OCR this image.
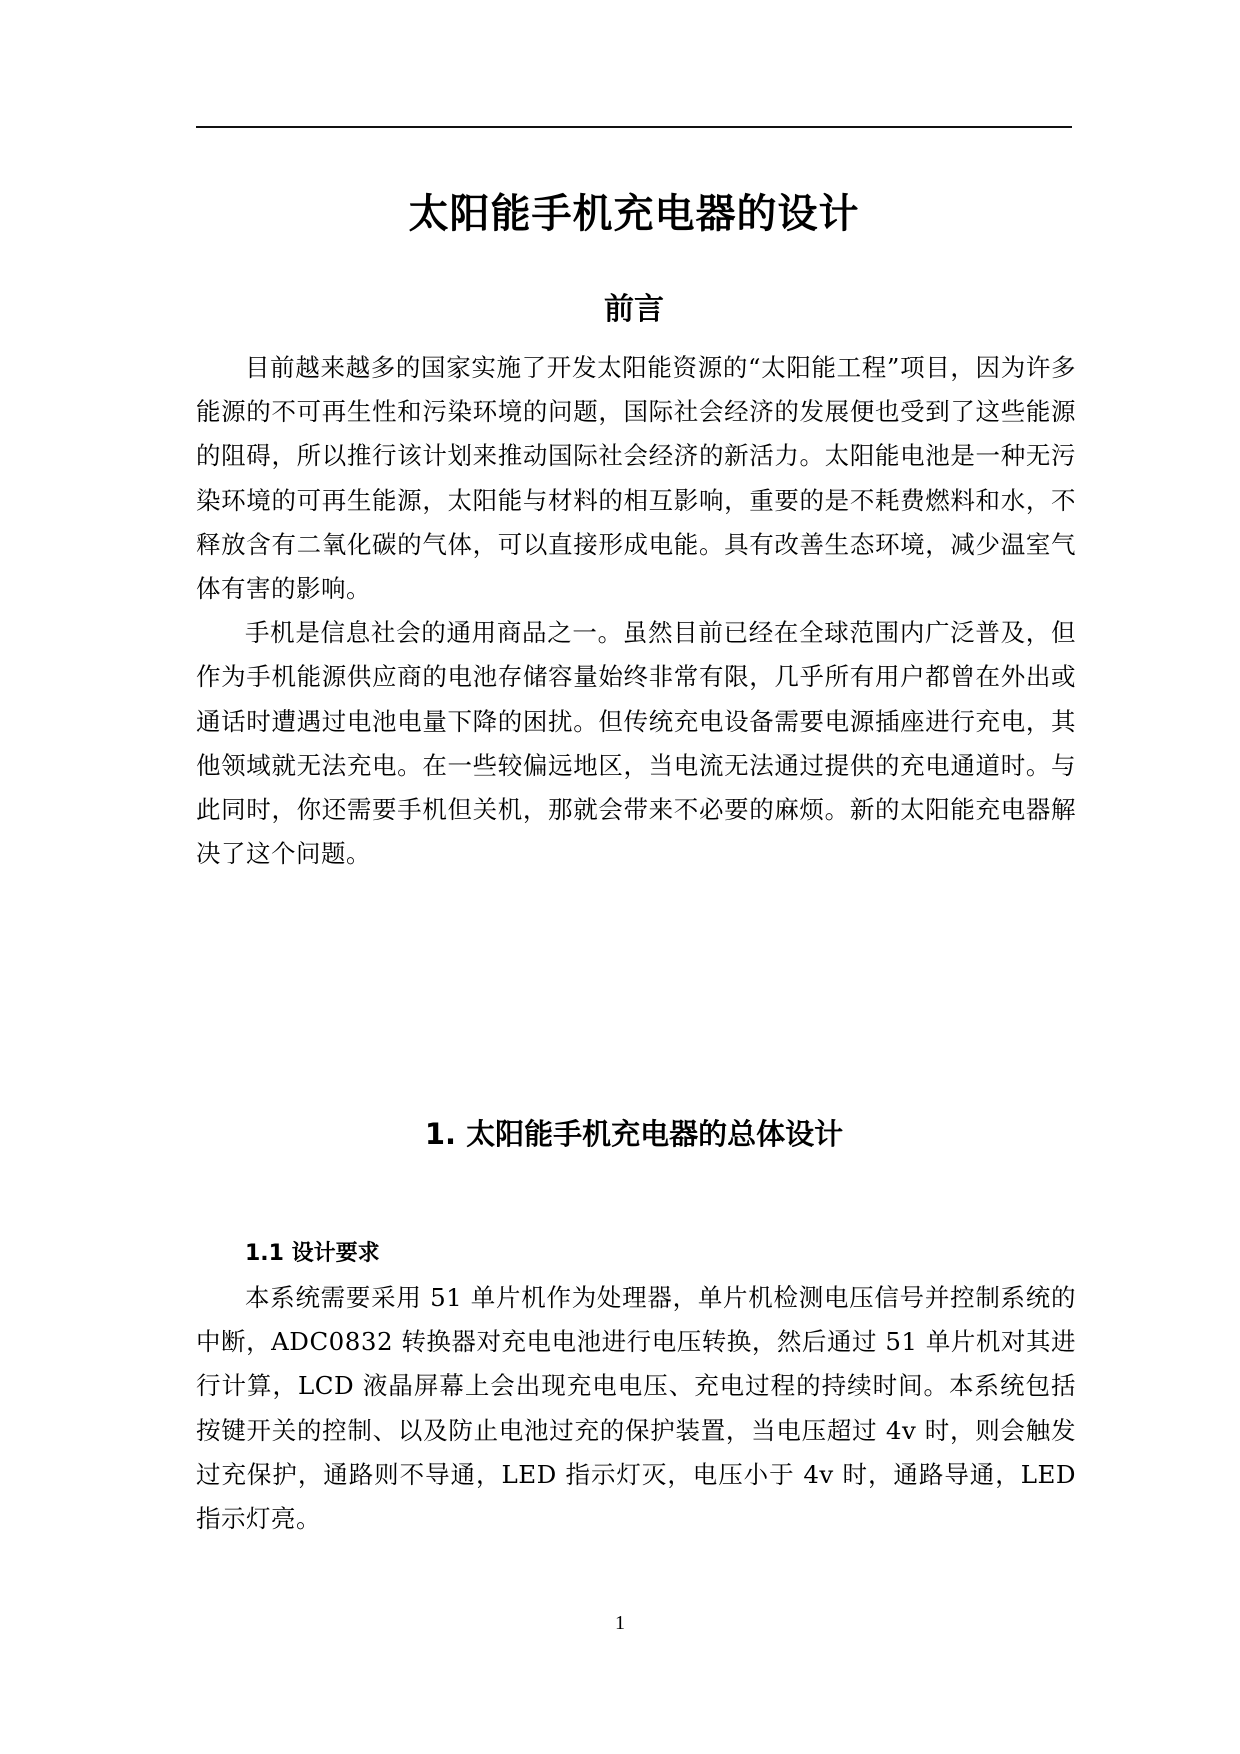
太阳能手机充电器的设计
前言

目前越来越多的国家实施了开发太阳能资源的“太阳能工程”项目，因为许多能源的不可再生性和污染环境的问题，国际社会经济的发展便也受到了这些能源的阻碍，所以推行该计划来推动国际社会经济的新活力。太阳能电池是一种无污染环境的可再生能源，太阳能与材料的相互影响，重要的是不耗费燃料和水，不释放含有二氧化碳的气体，可以直接形成电能。具有改善生态环境，减少温室气体有害的影响。

手机是信息社会的通用商品之一。虽然目前已经在全球范围内广泛普及，但作为手机能源供应商的电池存储容量始终非常有限，几乎所有用户都曾在外出或通话时遭遇过电池电量下降的困扰。但传统充电设备需要电源插座进行充电，其他领域就无法充电。在一些较偏远地区，当电流无法通过提供的充电通道时。与此同时，你还需要手机但关机，那就会带来不必要的麻烦。新的太阳能充电器解决了这个问题。

1. 太阳能手机充电器的总体设计
1.1 设计要求

本系统需要采用 51 单片机作为处理器，单片机检测电压信号并控制系统的中断，ADC0832 转换器对充电电池进行电压转换，然后通过 51 单片机对其进行计算，LCD 液晶屏幕上会出现充电电压、充电过程的持续时间。本系统包括按键开关的控制、以及防止电池过充的保护装置，当电压超过 4v 时，则会触发过充保护，通路则不导通，LED 指示灯灭，电压小于 4v 时，通路导通，LED 指示灯亮。

1
